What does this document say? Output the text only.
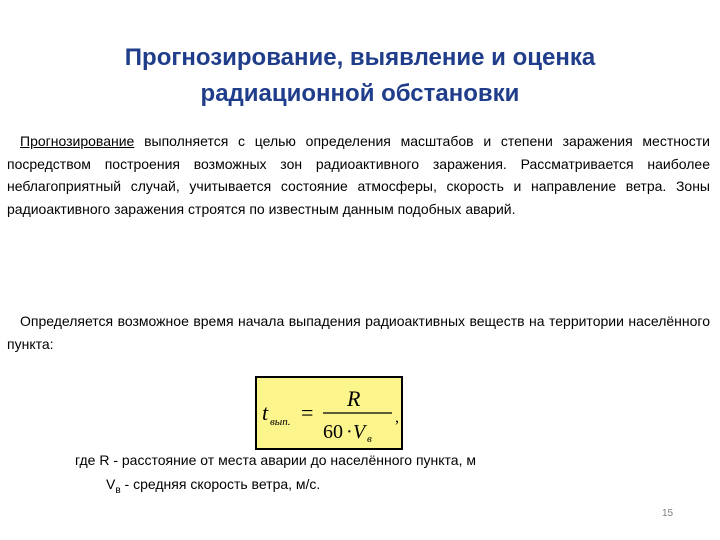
Прогнозирование, выявление и оценка
радиационной обстановки
Прогнозирование выполняется с целью определения масштабов и степени заражения местности посредством построения возможных зон радиоактивного заражения. Рассматривается наиболее неблагоприятный случай, учитывается состояние атмосферы, скорость и направление ветра. Зоны радиоактивного заражения строятся по известным данным подобных аварий.
Определяется возможное время начала выпадения радиоактивных веществ на территории населённого пункта:
t вып. =
R
60 · V в
,
где R - расстояние от места аварии до населённого пункта, м
$V_в$ - средняя скорость ветра, м/с.
15
